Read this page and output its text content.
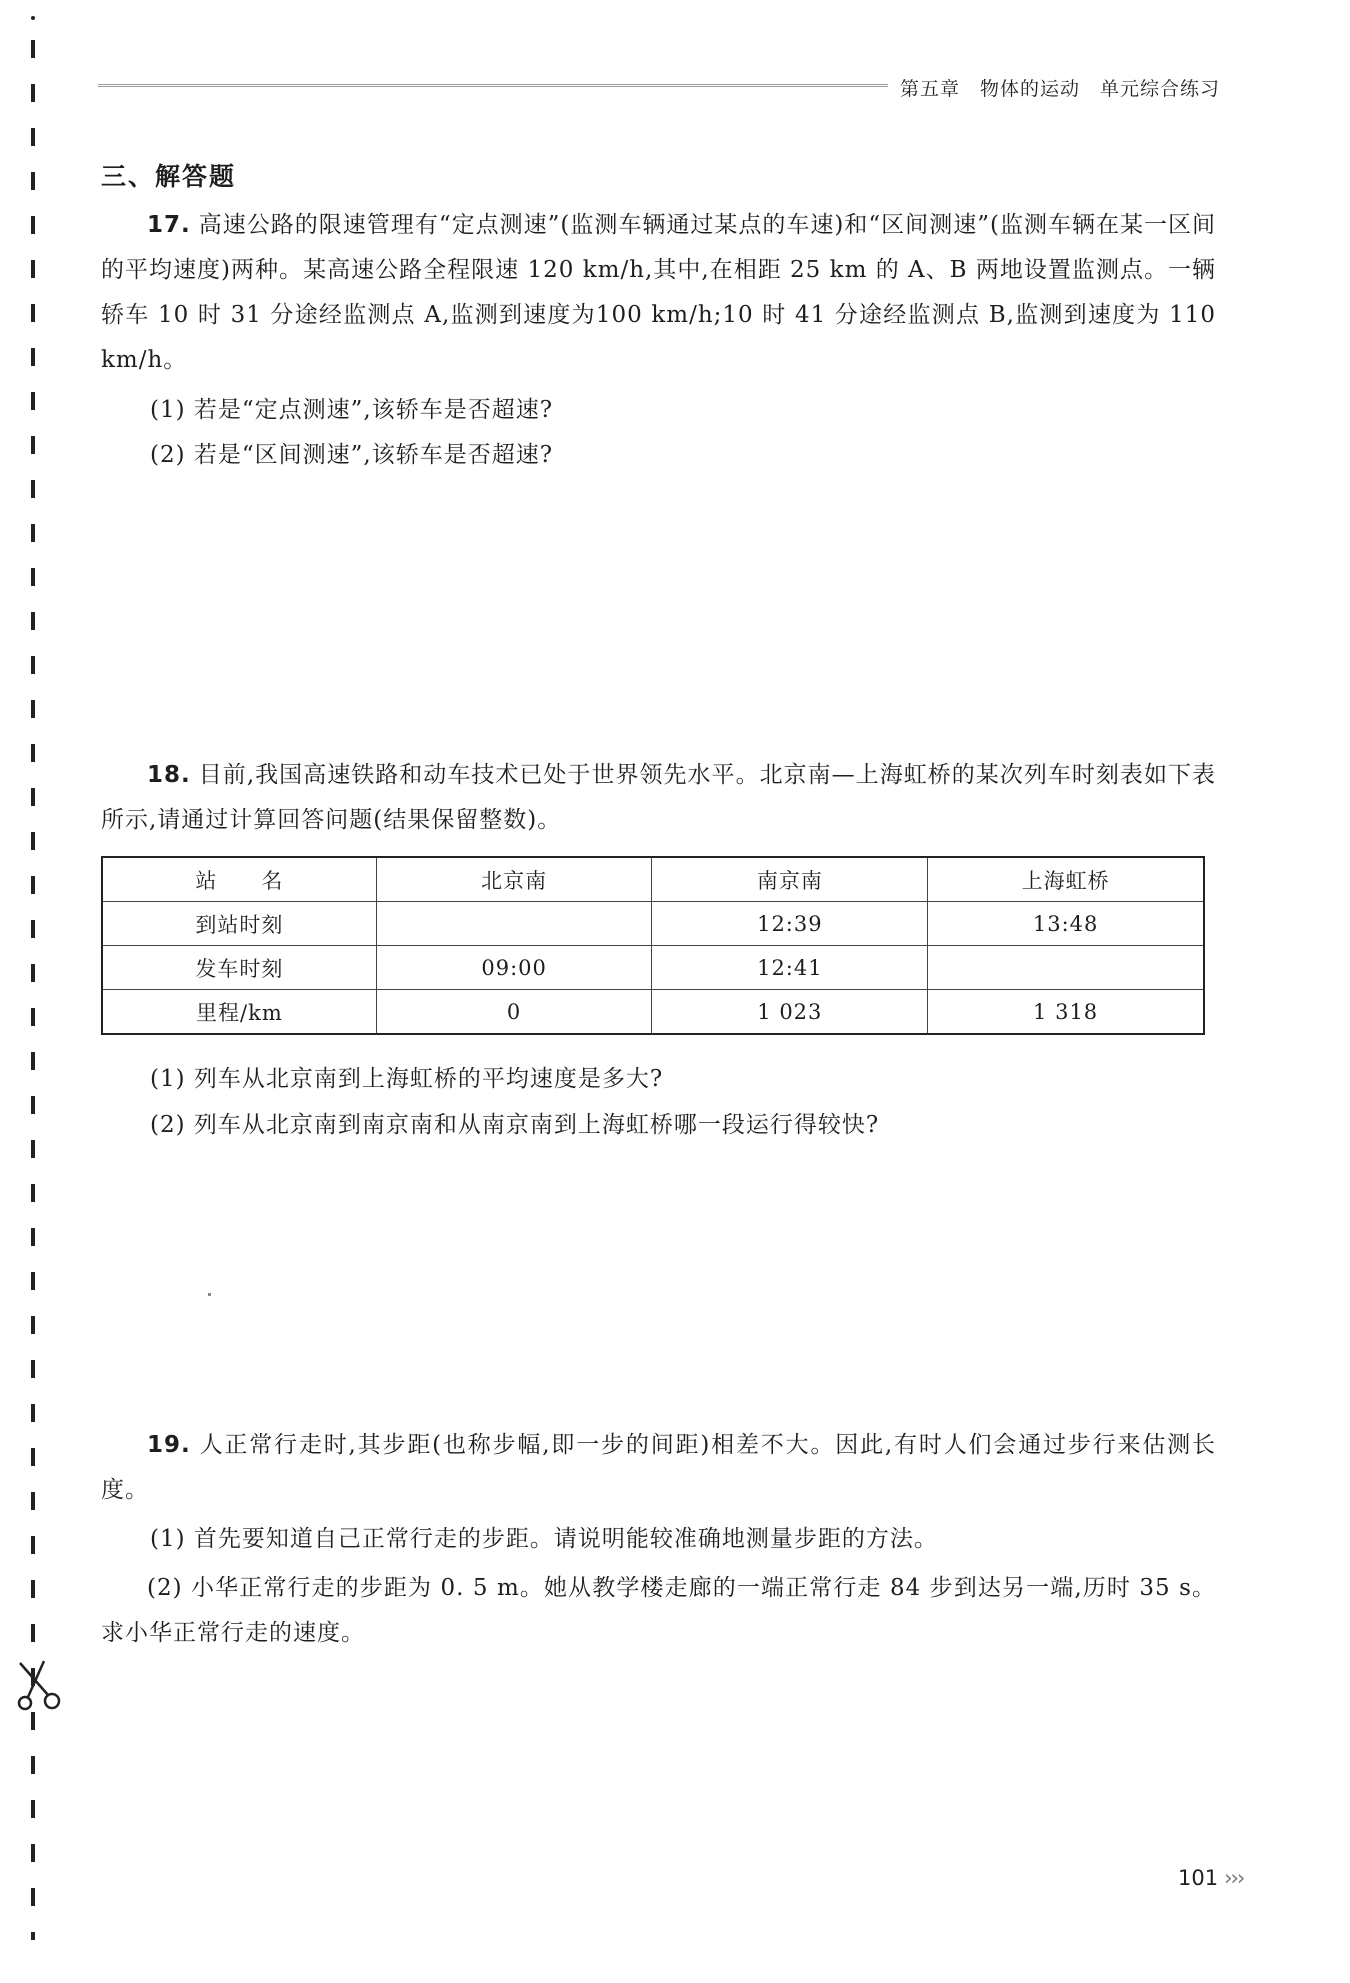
第五章　物体的运动　单元综合练习
三、解答题
17. 高速公路的限速管理有“定点测速”(监测车辆通过某点的车速)和“区间测速”(监测车辆在某一区间的平均速度)两种。某高速公路全程限速 120 km/h,其中,在相距 25 km 的 A、B 两地设置监测点。一辆轿车 10 时 31 分途经监测点 A,监测到速度为100 km/h;10 时 41 分途经监测点 B,监测到速度为 110 km/h。
(1) 若是“定点测速”,该轿车是否超速?
(2) 若是“区间测速”,该轿车是否超速?
18. 目前,我国高速铁路和动车技术已处于世界领先水平。北京南—上海虹桥的某次列车时刻表如下表所示,请通过计算回答问题(结果保留整数)。
站　　名	北京南	南京南	上海虹桥
到站时刻		12:39	13:48
发车时刻	09:00	12:41	
里程/km	0	1 023	1 318
(1) 列车从北京南到上海虹桥的平均速度是多大?
(2) 列车从北京南到南京南和从南京南到上海虹桥哪一段运行得较快?
19. 人正常行走时,其步距(也称步幅,即一步的间距)相差不大。因此,有时人们会通过步行来估测长度。
(1) 首先要知道自己正常行走的步距。请说明能较准确地测量步距的方法。
(2) 小华正常行走的步距为 0. 5 m。她从教学楼走廊的一端正常行走 84 步到达另一端,历时 35 s。求小华正常行走的速度。
101 ›››
